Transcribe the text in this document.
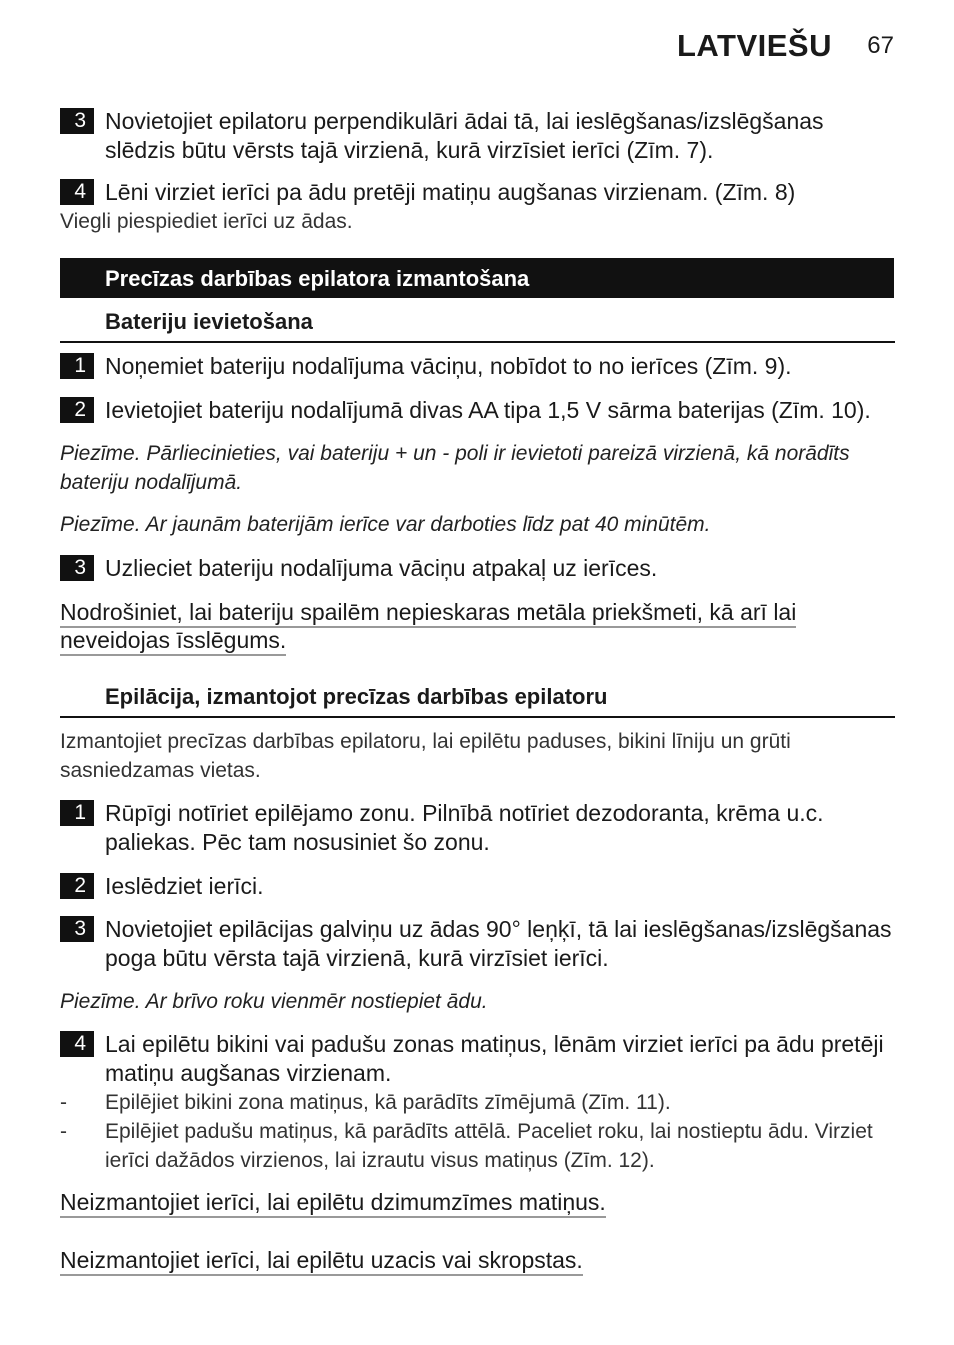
LATVIEŠU 67
3 Novietojiet epilatoru perpendikulāri ādai tā, lai ieslēgšanas/izslēgšanas slēdzis būtu vērsts tajā virzienā, kurā virzīsiet ierīci (Zīm. 7).
4 Lēni virziet ierīci pa ādu pretēji matiņu augšanas virzienam. (Zīm. 8)
Viegli piespiediet ierīci uz ādas.
Precīzas darbības epilatora izmantošana
Bateriju ievietošana
1 Noņemiet bateriju nodalījuma vāciņu, nobīdot to no ierīces (Zīm. 9).
2 Ievietojiet bateriju nodalījumā divas AA tipa 1,5 V sārma baterijas (Zīm. 10).
Piezīme. Pārliecinieties, vai bateriju + un - poli ir ievietoti pareizā virzienā, kā norādīts bateriju nodalījumā.
Piezīme. Ar jaunām baterijām ierīce var darboties līdz pat 40 minūtēm.
3 Uzlieciet bateriju nodalījuma vāciņu atpakaļ uz ierīces.
Nodrošiniet, lai bateriju spailēm nepieskaras metāla priekšmeti, kā arī lai neveidojas īsslēgums.
Epilācija, izmantojot precīzas darbības epilatoru
Izmantojiet precīzas darbības epilatoru, lai epilētu paduses, bikini līniju un grūti sasniedzamas vietas.
1 Rūpīgi notīriet epilējamo zonu. Pilnībā notīriet dezodoranta, krēma u.c. paliekas. Pēc tam nosusiniet šo zonu.
2 Ieslēdziet ierīci.
3 Novietojiet epilācijas galviņu uz ādas 90° leņķī, tā lai ieslēgšanas/izslēgšanas poga būtu vērsta tajā virzienā, kurā virzīsiet ierīci.
Piezīme. Ar brīvo roku vienmēr nostiepiet ādu.
4 Lai epilētu bikini vai padušu zonas matiņus, lēnām virziet ierīci pa ādu pretēji matiņu augšanas virzienam.
- Epilējiet bikini zona matiņus, kā parādīts zīmējumā (Zīm. 11).
- Epilējiet padušu matiņus, kā parādīts attēlā. Paceliet roku, lai nostieptu ādu. Virziet ierīci dažādos virzienos, lai izrautu visus matiņus (Zīm. 12).
Neizmantojiet ierīci, lai epilētu dzimumzīmes matiņus.
Neizmantojiet ierīci, lai epilētu uzacis vai skropstas.
